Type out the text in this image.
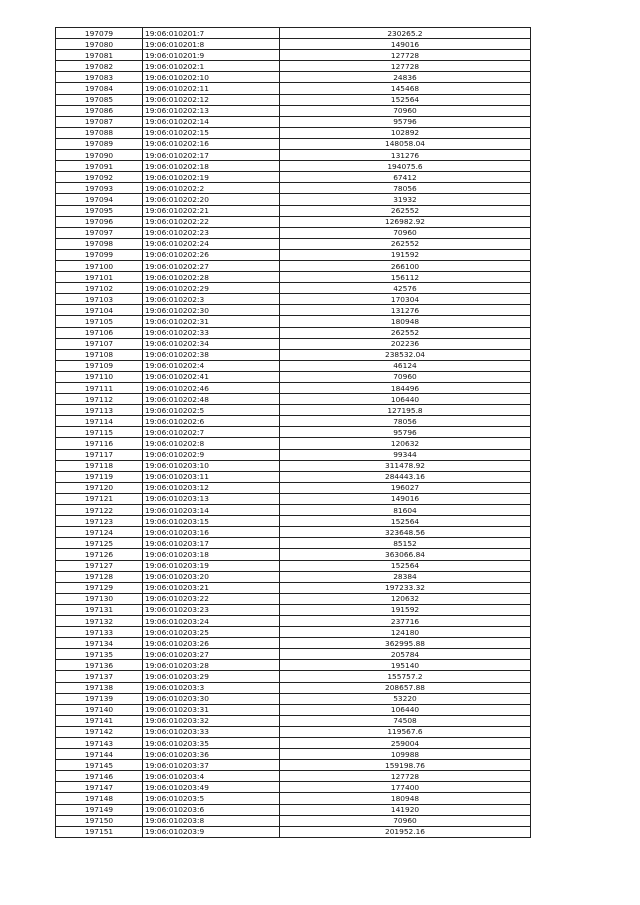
197079	19:06:010201:7	230265.2
197080	19:06:010201:8	149016
197081	19:06:010201:9	127728
197082	19:06:010202:1	127728
197083	19:06:010202:10	24836
197084	19:06:010202:11	145468
197085	19:06:010202:12	152564
197086	19:06:010202:13	70960
197087	19:06:010202:14	95796
197088	19:06:010202:15	102892
197089	19:06:010202:16	148058.04
197090	19:06:010202:17	131276
197091	19:06:010202:18	194075.6
197092	19:06:010202:19	67412
197093	19:06:010202:2	78056
197094	19:06:010202:20	31932
197095	19:06:010202:21	262552
197096	19:06:010202:22	126982.92
197097	19:06:010202:23	70960
197098	19:06:010202:24	262552
197099	19:06:010202:26	191592
197100	19:06:010202:27	266100
197101	19:06:010202:28	156112
197102	19:06:010202:29	42576
197103	19:06:010202:3	170304
197104	19:06:010202:30	131276
197105	19:06:010202:31	180948
197106	19:06:010202:33	262552
197107	19:06:010202:34	202236
197108	19:06:010202:38	238532.04
197109	19:06:010202:4	46124
197110	19:06:010202:41	70960
197111	19:06:010202:46	184496
197112	19:06:010202:48	106440
197113	19:06:010202:5	127195.8
197114	19:06:010202:6	78056
197115	19:06:010202:7	95796
197116	19:06:010202:8	120632
197117	19:06:010202:9	99344
197118	19:06:010203:10	311478.92
197119	19:06:010203:11	284443.16
197120	19:06:010203:12	196027
197121	19:06:010203:13	149016
197122	19:06:010203:14	81604
197123	19:06:010203:15	152564
197124	19:06:010203:16	323648.56
197125	19:06:010203:17	85152
197126	19:06:010203:18	363066.84
197127	19:06:010203:19	152564
197128	19:06:010203:20	28384
197129	19:06:010203:21	197233.32
197130	19:06:010203:22	120632
197131	19:06:010203:23	191592
197132	19:06:010203:24	237716
197133	19:06:010203:25	124180
197134	19:06:010203:26	362995.88
197135	19:06:010203:27	205784
197136	19:06:010203:28	195140
197137	19:06:010203:29	155757.2
197138	19:06:010203:3	208657.88
197139	19:06:010203:30	53220
197140	19:06:010203:31	106440
197141	19:06:010203:32	74508
197142	19:06:010203:33	119567.6
197143	19:06:010203:35	259004
197144	19:06:010203:36	109988
197145	19:06:010203:37	159198.76
197146	19:06:010203:4	127728
197147	19:06:010203:49	177400
197148	19:06:010203:5	180948
197149	19:06:010203:6	141920
197150	19:06:010203:8	70960
197151	19:06:010203:9	201952.16
